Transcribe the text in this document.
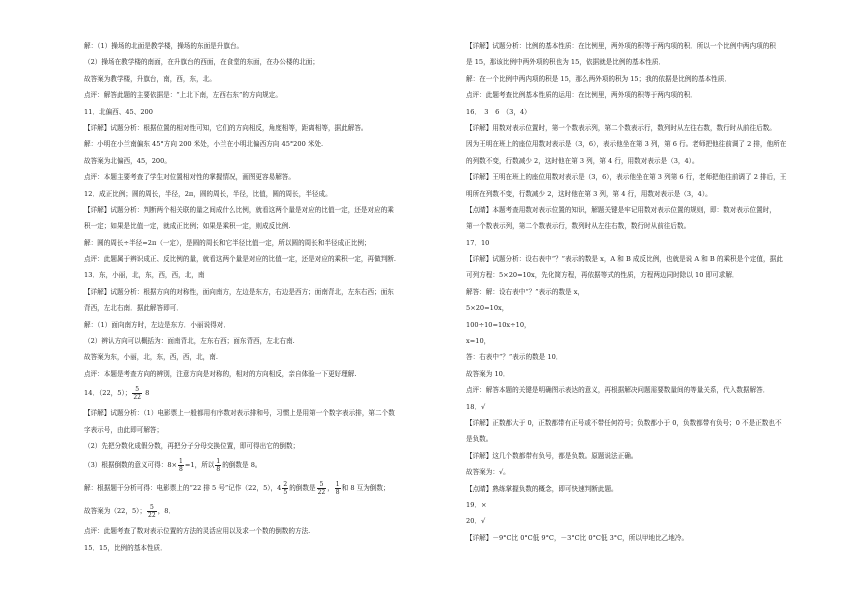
解：（1）操场的北面是教学楼，操场的东面是升旗台。
（2）操场在教学楼的南面，在升旗台的西面，在食堂的东面，在办公楼的北面；
故答案为教学楼，升旗台，南，西，东，北。
点评：解答此题的主要依据是：“上北下南，左西右东”的方向规定。
11．北偏西、45、200
【详解】试题分析：根据位置的相对性可知，它们的方向相反，角度相等，距离相等，据此解答。
解：小明在小兰南偏东 45°方向 200 米处，小兰在小明北偏西方向 45°200 米处.
故答案为北偏西，45，200。
点评：本题主要考查了学生对位置相对性的掌握情况，画图更容易解答。
12．成正比例；圆的周长，半径，2π，圆的周长，半径，比值，圆的周长，半径成。
【详解】试题分析：判断两个相关联的量之间成什么比例，就看这两个量是对应的比值一定，还是对应的乘
积一定；如果是比值一定，就成正比例；如果是乘积一定，则成反比例.
解：圆的周长÷半径=2π（一定），是圆的周长和它半径比值一定，所以圆的周长和半径成正比例；
点评：此题属于辨识成正、反比例的量，就看这两个量是对应的比值一定，还是对应的乘积一定，再做判断.
13．东，小丽，北，东，西，西，北，南
【详解】试题分析：根据方向的对称性，面向南方，左边是东方，右边是西方；面南背北，左东右西；面东
背西，左北右南．据此解答即可．
解：（1）面向南方时，左边是东方．小丽说得对．
（2）辨认方向可以概括为：面南背北，左东右西；面东背西，左北右南.
故答案为东，小丽，北，东，西，西，北，南.
点评：本题是考查方向的辨别，注意方向是对称的，相对的方向相反，亲自体验一下更好理解.
14．（22，5）； $\frac{5}{22} 8$
【详解】试题分析：（1）电影票上一般都用有序数对表示排和号，习惯上是用第一个数字表示排，第二个数
字表示号，由此即可解答；
（2）先把分数化成假分数，再把分子分母交换位置，即可得出它的倒数；
（3）根据倒数的意义可得：$8\times \frac{1}{8} =1$，所以 $\frac{1}{8}$ 的倒数是 8。
解：根据题干分析可得：电影票上的“22 排 5 号”记作（22，5），$4 \frac{2}{5}$ 的倒数是 $\frac{5}{22}$ ， $\frac{1}{8}$ 和 8 互为倒数；
故答案为（22，5）； $\frac{5}{22}$ ，8．
点评：此题考查了数对表示位置的方法的灵活应用以及求一个数的倒数的方法.
15．15，比例的基本性质．
【详解】试题分析：比例的基本性质：在比例里，两外项的积等于两内项的积．所以一个比例中两内项的积
是 15，那该比例中两外项的积也为 15，依据就是比例的基本性质．
解：在一个比例中两内项的积是 15，那么两外项的积为 15；我的依据是比例的基本性质．
点评：此题考查比例基本性质的运用：在比例里，两外项的积等于两内项的积．
16．　3　6　（3，4）
【详解】用数对表示位置时，第一个数表示列，第二个数表示行，数列时从左往右数，数行时从前往后数。
因为王明在班上的座位用数对表示是（3，6），表示他坐在第 3 列，第 6 行。老师把他往前调了 2 排，他所在
的列数不变，行数减少 2，这时他在第 3 列，第 4 行，用数对表示是（3，4）。
【详解】王明在班上的座位用数对表示是（3，6），表示他坐在第 3 列第 6 行，老师把他往前调了 2 排后，王
明所在列数不变，行数减少 2，这时他在第 3 列，第 4 行，用数对表示是（3，4）。
【点睛】本题考查用数对表示位置的知识，解题关键是牢记用数对表示位置的规则，即：数对表示位置时，
第一个数表示列，第二个数表示行，数列时从左往右数，数行时从前往后数。
17．10
【详解】试题分析：设右表中“？”表示的数是 x，A 和 B 成反比例，也就是说 A 和 B 的乘积是个定值，据此
可列方程：5×20=10x，先化简方程，再依据等式的性质，方程两边同时除以 10 即可求解．
解答：解：设右表中“？”表示的数是 x，
5×20=10x，
100÷10=10x÷10，
x=10，
答：右表中“？”表示的数是 10．
故答案为 10．
点评：解答本题的关键是明确图示表达的意义，再根据解决问题需要数量间的等量关系，代入数据解答．
18．√
【详解】正数都大于 0，正数都带有正号或不带任何符号；负数都小于 0，负数都带有负号；0 不是正数也不
是负数。
【详解】这几个数都带有负号，都是负数。原题说法正确。
故答案为：√。
【点睛】熟练掌握负数的概念，即可快速判断此题。
19．×
20．√
【详解】－9°C比 0°C低 9°C，－3°C比 0°C低 3°C，所以甲地比乙地冷。
